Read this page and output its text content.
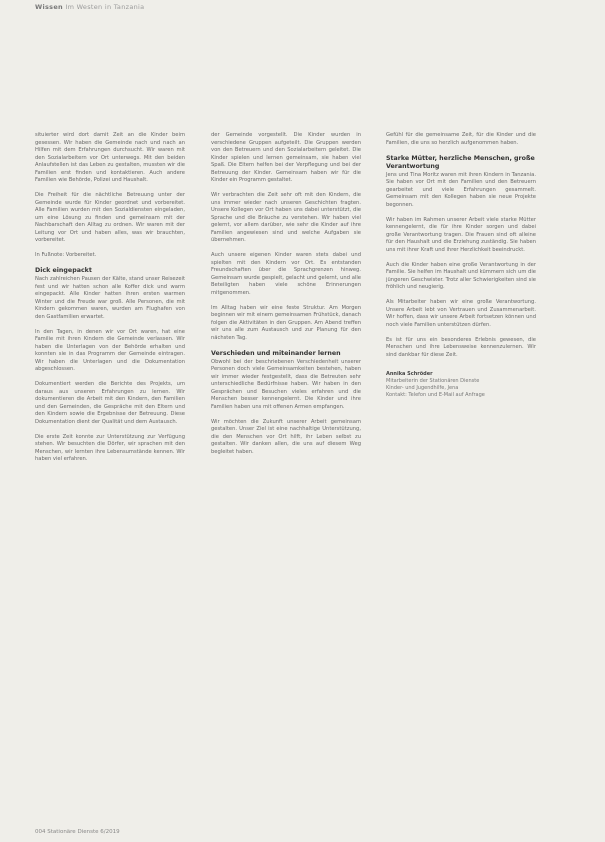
Wissen Im Westen in Tanzania

situierter wird dort damit Zeit an die Kinder beim gesessen. Wir haben die Gemeinde nach und nach an Hilfen mit dem Erfahrungen durchsucht. Wir waren mit den Sozialarbeitern vor Ort unterwegs. Mit den beiden Anlaufstellen ist das Leben zu gestalten, mussten wir die Familien erst finden und kontaktieren. Auch andere Familien wie Behörde, Polizei und Haushalt.

Die Freiheit für die nächtliche Betreuung unter der Gemeinde wurde für Kinder geordnet und vorbereitet. Alle Familien wurden mit den Sozialdiensten eingeladen, um eine Lösung zu finden und gemeinsam mit der Nachbarschaft den Alltag zu ordnen. Wir waren mit der Leitung vor Ort und haben alles, was wir brauchten, vorbereitet.

In Fußnote: Vorbereitet.

Dick eingepackt

Nach zahlreichen Pausen der Kälte, stand unser Reisezeit fest und wir hatten schon alle Koffer dick und warm eingepackt. Alle Kinder hatten ihren ersten warmen Winter und die Freude war groß. Alle Personen, die mit Kindern gekommen waren, wurden am Flughafen von den Gastfamilien erwartet.

In den Tagen, in denen wir vor Ort waren, hat eine Familie mit ihren Kindern die Gemeinde verlassen. Wir haben die Unterlagen von der Behörde erhalten und konnten sie in das Programm der Gemeinde eintragen. Wir haben die Unterlagen und die Dokumentation abgeschlossen.

Dokumentiert werden die Berichte des Projekts, um daraus aus unseren Erfahrungen zu lernen. Wir dokumentieren die Arbeit mit den Kindern, den Familien und den Gemeinden, die Gespräche mit den Eltern und den Kindern sowie die Ergebnisse der Betreuung. Diese Dokumentation dient der Qualität und dem Austausch.

Die erste Zeit konnte zur Unterstützung zur Verfügung stehen. Wir besuchten die Dörfer, wir sprachen mit den Menschen, wir lernten ihre Lebensumstände kennen. Wir haben viel erfahren.

der Gemeinde vorgestellt. Die Kinder wurden in verschiedene Gruppen aufgeteilt. Die Gruppen werden von den Betreuern und den Sozialarbeitern geleitet. Die Kinder spielen und lernen gemeinsam, sie haben viel Spaß. Die Eltern helfen bei der Verpflegung und bei der Betreuung der Kinder. Gemeinsam haben wir für die Kinder ein Programm gestaltet.

Wir verbrachten die Zeit sehr oft mit den Kindern, die uns immer wieder nach unseren Geschichten fragten. Unsere Kollegen vor Ort haben uns dabei unterstützt, die Sprache und die Bräuche zu verstehen. Wir haben viel gelernt, vor allem darüber, wie sehr die Kinder auf ihre Familien angewiesen sind und welche Aufgaben sie übernehmen.

Auch unsere eigenen Kinder waren stets dabei und spielten mit den Kindern vor Ort. Es entstanden Freundschaften über die Sprachgrenzen hinweg. Gemeinsam wurde gespielt, gelacht und gelernt, und alle Beteiligten haben viele schöne Erinnerungen mitgenommen.

Im Alltag haben wir eine feste Struktur. Am Morgen beginnen wir mit einem gemeinsamen Frühstück, danach folgen die Aktivitäten in den Gruppen. Am Abend treffen wir uns alle zum Austausch und zur Planung für den nächsten Tag.

Verschieden und miteinander lernen

Obwohl bei der beschriebenen Verschiedenheit unserer Personen doch viele Gemeinsamkeiten bestehen, haben wir immer wieder festgestellt, dass die Betreuten sehr unterschiedliche Bedürfnisse haben. Wir haben in den Gesprächen und Besuchen vieles erfahren und die Menschen besser kennengelernt. Die Kinder und ihre Familien haben uns mit offenen Armen empfangen.

Wir möchten die Zukunft unserer Arbeit gemeinsam gestalten. Unser Ziel ist eine nachhaltige Unterstützung, die den Menschen vor Ort hilft, ihr Leben selbst zu gestalten. Wir danken allen, die uns auf diesem Weg begleitet haben.

Gefühl für die gemeinsame Zeit, für die Kinder und die Familien, die uns so herzlich aufgenommen haben.

Starke Mütter, herzliche Menschen, große Verantwortung

Jens und Tina Moritz waren mit ihren Kindern in Tanzania. Sie haben vor Ort mit den Familien und den Betreuern gearbeitet und viele Erfahrungen gesammelt. Gemeinsam mit den Kollegen haben sie neue Projekte begonnen.

Wir haben im Rahmen unserer Arbeit viele starke Mütter kennengelernt, die für ihre Kinder sorgen und dabei große Verantwortung tragen. Die Frauen sind oft alleine für den Haushalt und die Erziehung zuständig. Sie haben uns mit ihrer Kraft und ihrer Herzlichkeit beeindruckt.

Auch die Kinder haben eine große Verantwortung in der Familie. Sie helfen im Haushalt und kümmern sich um die jüngeren Geschwister. Trotz aller Schwierigkeiten sind sie fröhlich und neugierig.

Als Mitarbeiter haben wir eine große Verantwortung. Unsere Arbeit lebt von Vertrauen und Zusammenarbeit. Wir hoffen, dass wir unsere Arbeit fortsetzen können und noch viele Familien unterstützen dürfen.

Es ist für uns ein besonderes Erlebnis gewesen, die Menschen und ihre Lebensweise kennenzulernen. Wir sind dankbar für diese Zeit.

Annika Schröder
Mitarbeiterin der Stationären Dienste
Kinder- und Jugendhilfe, Jena
Kontakt: Telefon und E-Mail auf Anfrage
004 Stationäre Dienste 6/2019
